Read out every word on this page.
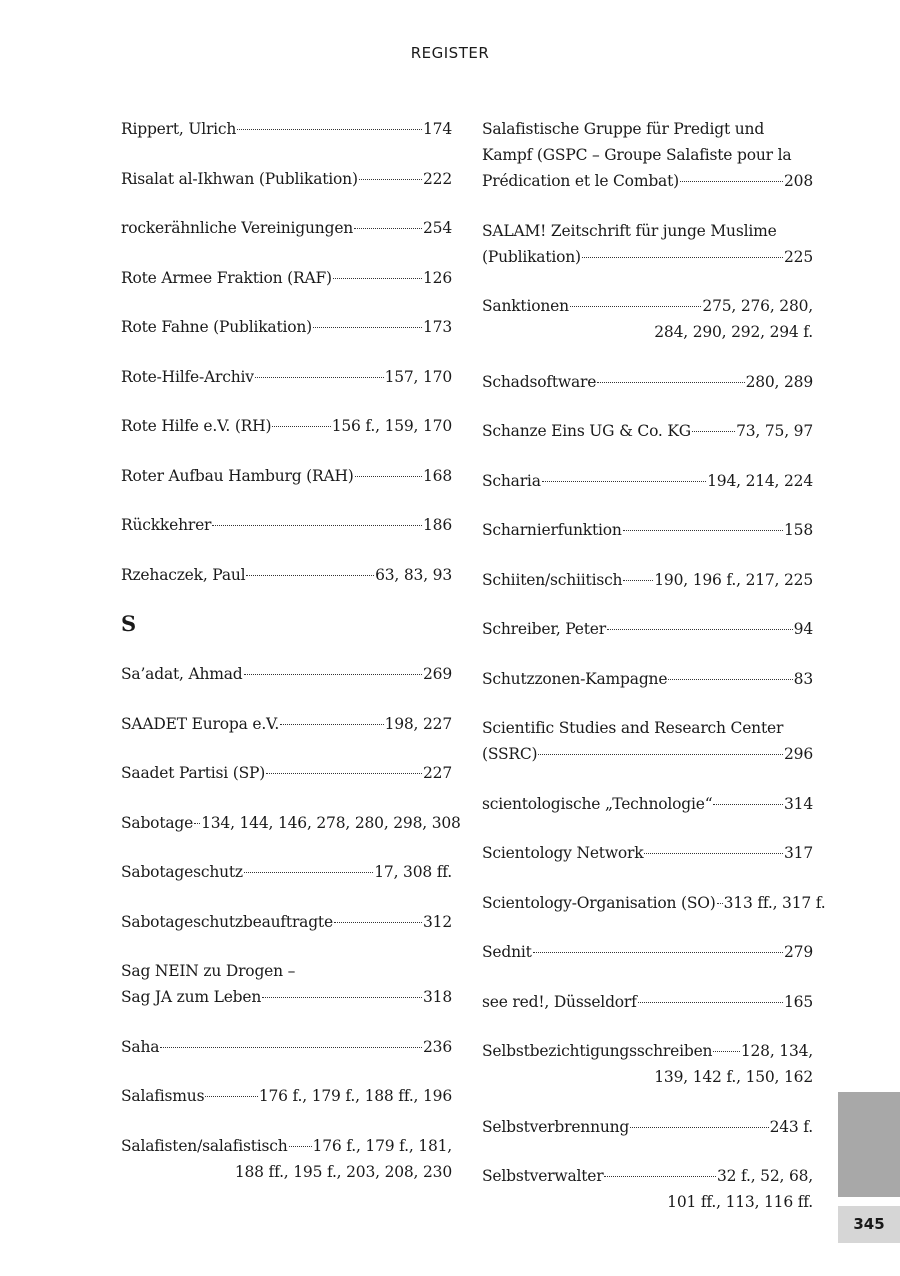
REGISTER
Rippert, Ulrich	174
Risalat al-Ikhwan (Publikation)	222
rockerähnliche Vereinigungen	254
Rote Armee Fraktion (RAF)	126
Rote Fahne (Publikation)	173
Rote-Hilfe-Archiv	157, 170
Rote Hilfe e.V. (RH)	156 f., 159, 170
Roter Aufbau Hamburg (RAH)	168
Rückkehrer	186
Rzehaczek, Paul	63, 83, 93
S
Sa’adat, Ahmad	269
SAADET Europa e.V.	198, 227
Saadet Partisi (SP)	227
Sabotage 134, 144, 146, 278, 280, 298, 308
Sabotageschutz	17, 308 ff.
Sabotageschutzbeauftragte	312
Sag NEIN zu Drogen –
Sag JA zum Leben	318
Saha	236
Salafismus	176 f., 179 f., 188 ff., 196
Salafisten/salafistisch 176 f., 179 f., 181,
188 ff., 195 f., 203, 208, 230
Salafistische Gruppe für Predigt und
Kampf (GSPC – Groupe Salafiste pour la
Prédication et le Combat)	208
SALAM! Zeitschrift für junge Muslime
(Publikation)	225
Sanktionen	275, 276, 280,
284, 290, 292, 294 f.
Schadsoftware	280, 289
Schanze Eins UG & Co. KG	73, 75, 97
Scharia	194, 214, 224
Scharnierfunktion	158
Schiiten/schiitisch 190, 196 f., 217, 225
Schreiber, Peter	94
Schutzzonen-Kampagne	83
Scientific Studies and Research Center
(SSRC)	296
scientologische „Technologie“	314
Scientology Network	317
Scientology-Organisation (SO) 313 ff., 317 f.
Sednit	279
see red!, Düsseldorf	165
Selbstbezichtigungsschreiben 128, 134,
139, 142 f., 150, 162
Selbstverbrennung	243 f.
Selbstverwalter	32 f., 52, 68,
101 ff., 113, 116 ff.
345
